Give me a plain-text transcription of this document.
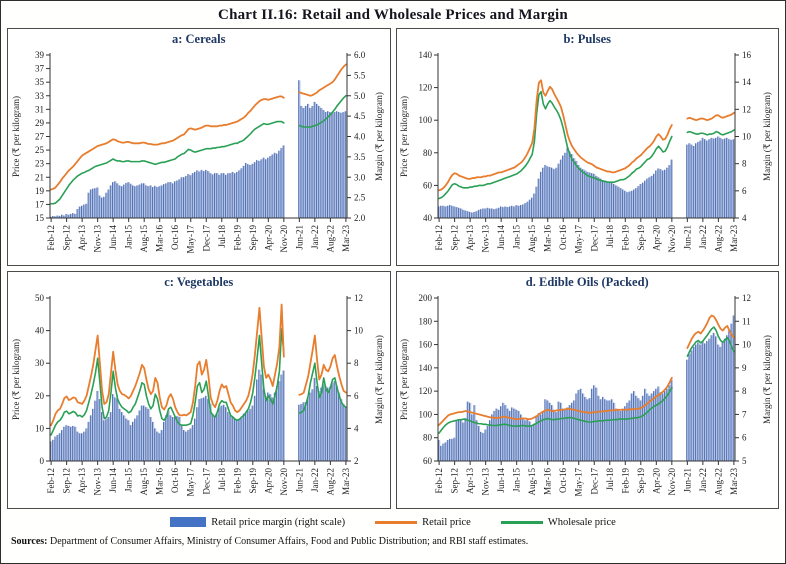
Chart II.16: Retail and Wholesale Prices and Margin
a: Cereals
15
17
19
21
23
25
27
29
31
33
35
37
39
2.0
2.5
3.0
3.5
4.0
4.5
5.0
5.5
6.0
Feb-12 Sep-12 Apr-13 Nov-13 Jun-14 Jan-15 Aug-15 Mar-16 Oct-16 May-17 Dec-17 Jul-18 Feb-19 Sep-19 Apr-20 Nov-20 Jun-21 Jan-22 Aug-22 Mar-23
Price (₹ per kilogram)	Margin (₹ per kilogram)
b: Pulses
40
60
80
100
120
140
4
6
8
10
12
14
16
Feb-12 Sep-12 Apr-13 Nov-13 Jun-14 Jan-15 Aug-15 Mar-16 Oct-16 May-17 Dec-17 Jul-18 Feb-19 Sep-19 Apr-20 Nov-20 Jun-21 Jan-22 Aug-22 Mar-23
Price (₹ per kilogram)	Margin (₹ per kilogram)
c: Vegetables
0
10
20
30
40
50
2
4
6
8
10
12
Feb-12 Sep-12 Apr-13 Nov-13 Jun-14 Jan-15 Aug-15 Mar-16 Oct-16 May-17 Dec-17 Jul-18 Feb-19 Sep-19 Apr-20 Nov-20 Jun-21 Jan-22 Aug-22 Mar-23
Price (₹ per kilogram)	Margin (₹ per kilogram)
d. Edible Oils (Packed)
60
80
100
120
140
160
180
200
5
6
7
8
9
10
11
12
Feb-12 Sep-12 Apr-13 Nov-13 Jun-14 Jan-15 Aug-15 Mar-16 Oct-16 May-17 Dec-17 Jul-18 Feb-19 Sep-19 Apr-20 Nov-20 Jun-21 Jan-22 Aug-22 Mar-23
Price (₹ per kilogram)	Margin (₹ per kilogram)
Retail price margin (right scale)	Retail price	Wholesale price
Sources: Department of Consumer Affairs, Ministry of Consumer Affairs, Food and Public Distribution; and RBI staff estimates.
